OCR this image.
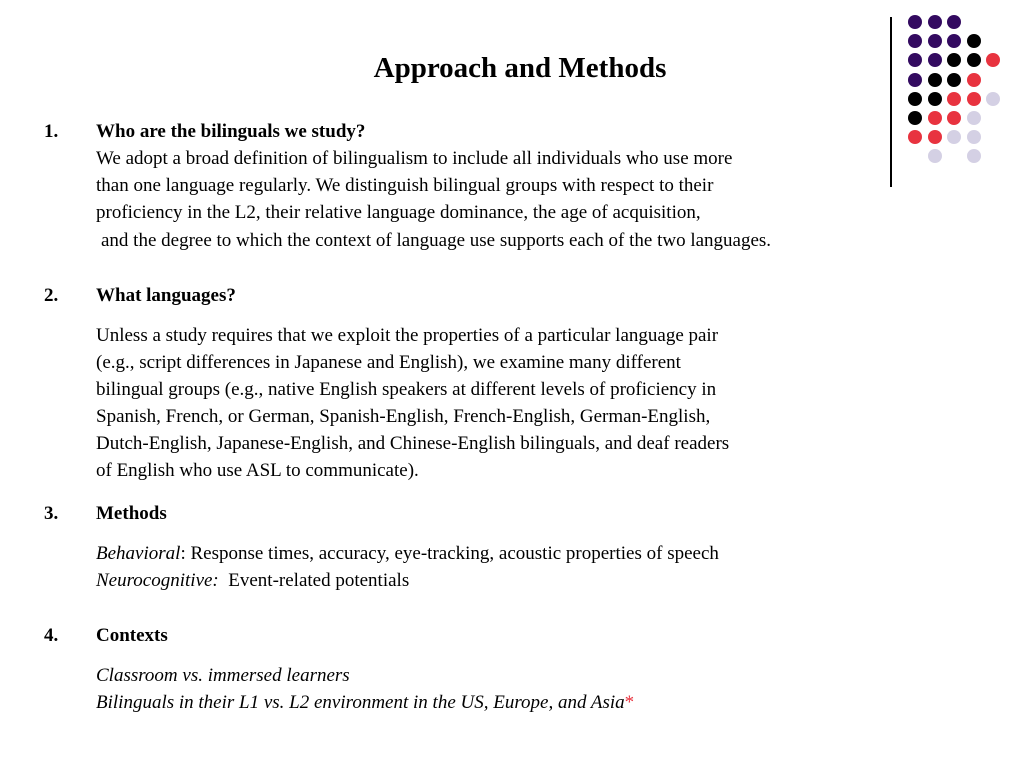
Approach and Methods
1. Who are the bilinguals we study?
We adopt a broad definition of bilingualism to include all individuals who use more
than one language regularly. We distinguish bilingual groups with respect to their
proficiency in the L2, their relative language dominance, the age of acquisition,
and the degree to which the context of language use supports each of the two languages.
2. What languages?
Unless a study requires that we exploit the properties of a particular language pair
(e.g., script differences in Japanese and English), we examine many different
bilingual groups (e.g., native English speakers at different levels of proficiency in
Spanish, French, or German, Spanish-English, French-English, German-English,
Dutch-English, Japanese-English, and Chinese-English bilinguals, and deaf readers
of English who use ASL to communicate).
3. Methods
Behavioral: Response times, accuracy, eye-tracking, acoustic properties of speech
Neurocognitive: Event-related potentials
4. Contexts
Classroom vs. immersed learners
Bilinguals in their L1 vs. L2 environment in the US, Europe, and Asia*
